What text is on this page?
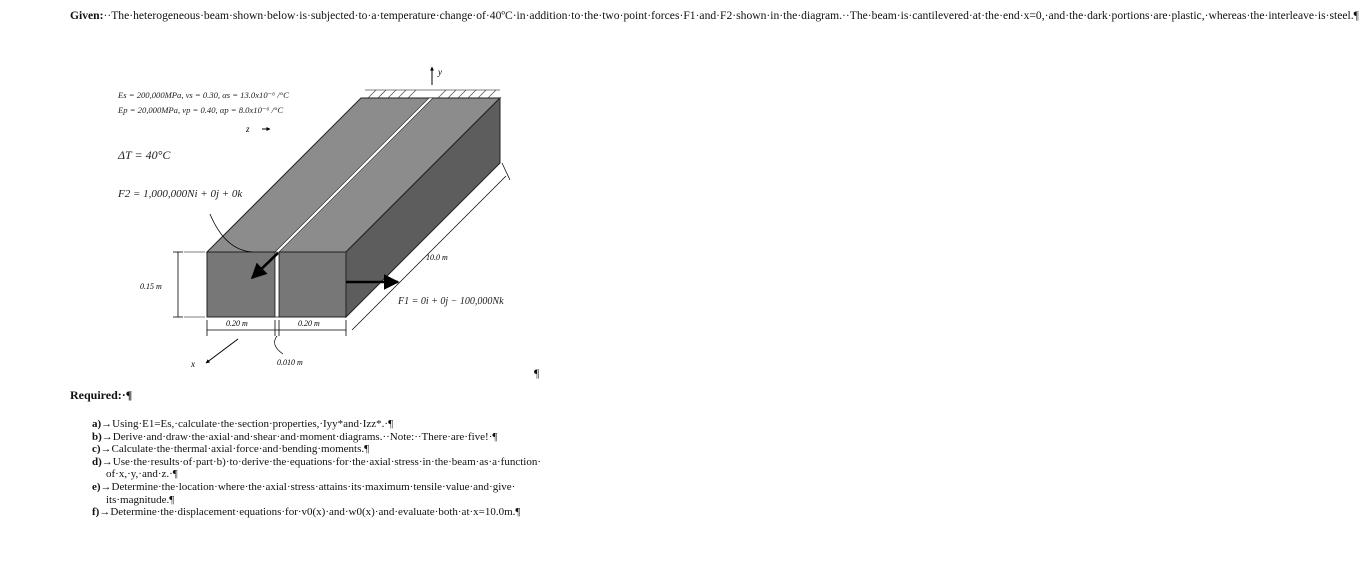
Given:··The·heterogeneous·beam·shown·below·is·subjected·to·a·temperature·change·of·40ºC·in·addition·to·the·two·point·forces·F1·and·F2·shown·in·the·diagram.··The·beam·is·cantilevered·at·the·end·x=0,·and·the·dark·portions·are·plastic,·whereas·the·interleave·is·steel.¶
y
z
0.15 m
0.20 m	0.20 m
10.0 m
0.010 m
x
Es = 200,000MPa, νs = 0.30, αs = 13.0x10⁻⁶ /°C
Ep = 20,000MPa, νp = 0.40, αp = 8.0x10⁻⁶ /°C
ΔT = 40°C
F2 = 1,000,000Ni + 0j + 0k
F1 = 0i + 0j − 100,000Nk
¶
Required:·¶
a)→Using·E1=Es,·calculate·the·section·properties,·Iyy*and·Izz*.·¶
b)→Derive·and·draw·the·axial·and·shear·and·moment·diagrams.··Note:··There·are·five!·¶
c)→Calculate·the·thermal·axial·force·and·bending·moments.¶
d)→Use·the·results·of·part·b)·to·derive·the·equations·for·the·axial·stress·in·the·beam·as·a·function·
of·x,·y,·and·z.·¶
e)→Determine·the·location·where·the·axial·stress·attains·its·maximum·tensile·value·and·give·
its·magnitude.¶
f)→Determine·the·displacement·equations·for·v0(x)·and·w0(x)·and·evaluate·both·at·x=10.0m.¶
